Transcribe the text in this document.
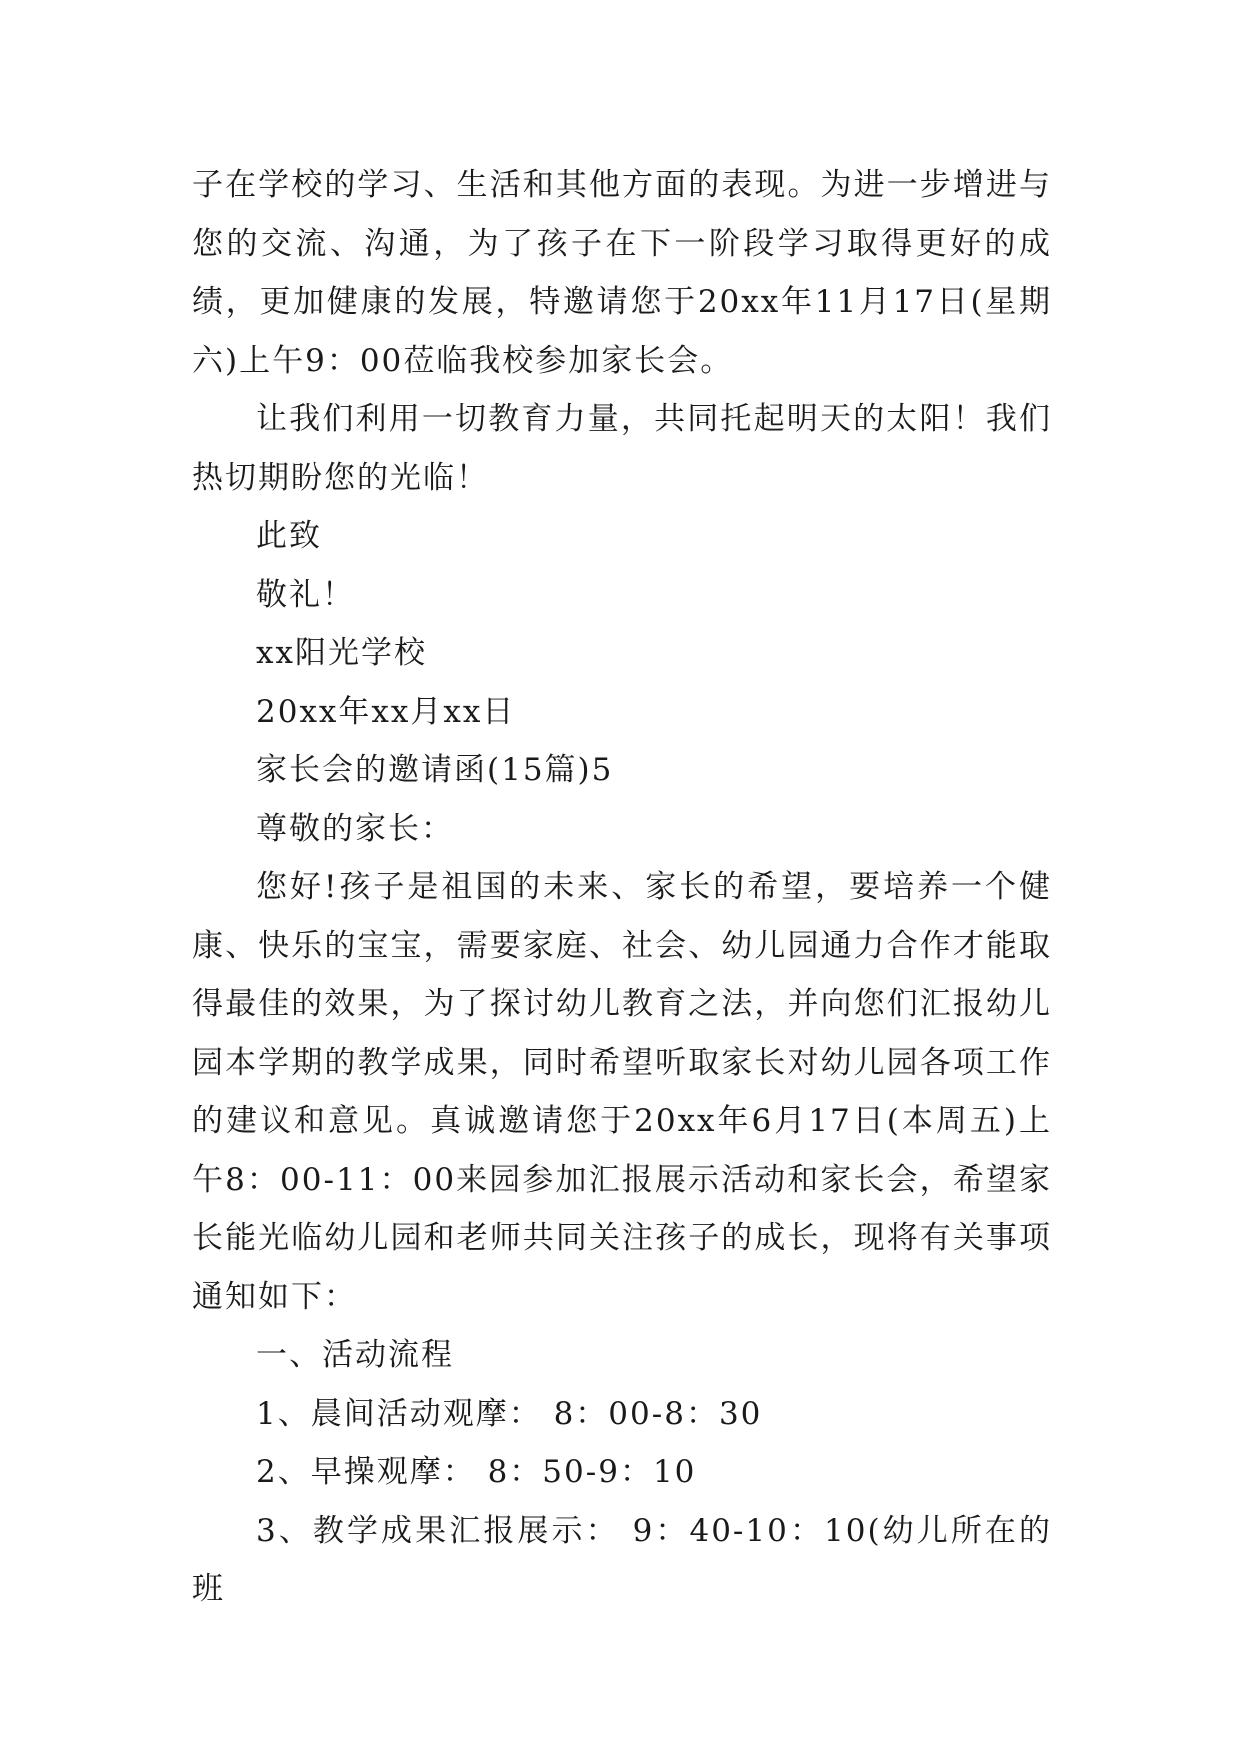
子在学校的学习、生活和其他方面的表现。为进一步增进与您的交流、沟通，为了孩子在下一阶段学习取得更好的成绩，更加健康的发展，特邀请您于20xx年11月17日(星期六)上午9：00莅临我校参加家长会。

让我们利用一切教育力量，共同托起明天的太阳！我们热切期盼您的光临！

此致

敬礼！

xx阳光学校

20xx年xx月xx日

家长会的邀请函(15篇)5

尊敬的家长：

您好!孩子是祖国的未来、家长的希望，要培养一个健康、快乐的宝宝，需要家庭、社会、幼儿园通力合作才能取得最佳的效果，为了探讨幼儿教育之法，并向您们汇报幼儿园本学期的教学成果，同时希望听取家长对幼儿园各项工作的建议和意见。真诚邀请您于20xx年6月17日(本周五)上午8：00-11：00来园参加汇报展示活动和家长会，希望家长能光临幼儿园和老师共同关注孩子的成长，现将有关事项通知如下：

一、活动流程

1、晨间活动观摩： 8：00-8：30

2、早操观摩： 8：50-9：10

3、教学成果汇报展示： 9：40-10：10(幼儿所在的班
